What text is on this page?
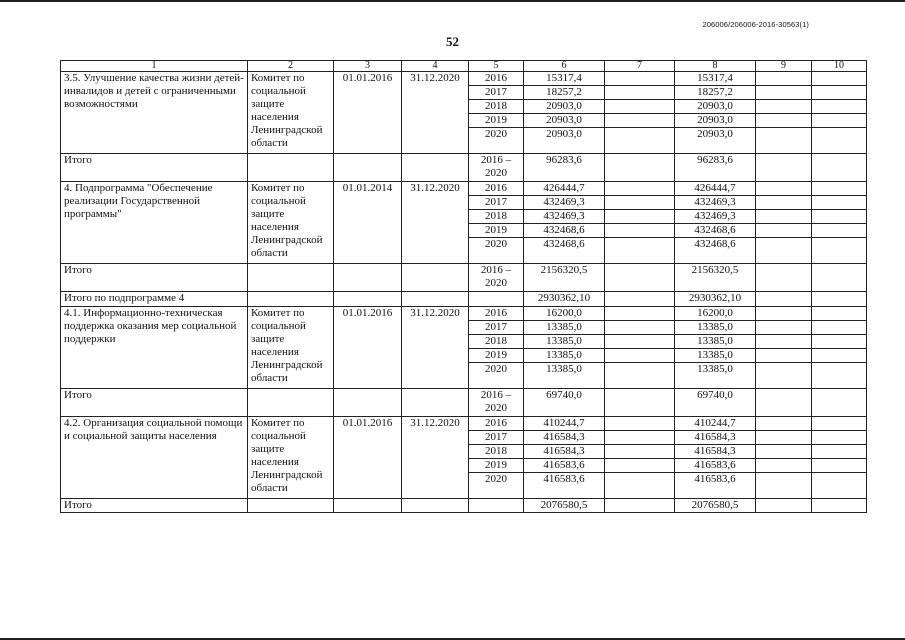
206006/206006-2016-30563(1)
52
1	2	3	4	5	6	7	8	9	10
3.5. Улучшение качества жизни детей-инвалидов и детей с ограниченными возможностями	Комитет по социальной защите населения Ленинградской области	01.01.2016	31.12.2020	2016	15317,4		15317,4		
				2017	18257,2		18257,2		
				2018	20903,0		20903,0		
				2019	20903,0		20903,0		
				2020	20903,0		20903,0		
Итого				2016 – 2020	96283,6		96283,6		
4. Подпрограмма "Обеспечение реализации Государственной программы"	Комитет по социальной защите населения Ленинградской области	01.01.2014	31.12.2020	2016	426444,7		426444,7		
				2017	432469,3		432469,3		
				2018	432469,3		432469,3		
				2019	432468,6		432468,6		
				2020	432468,6		432468,6		
Итого				2016 – 2020	2156320,5		2156320,5		
Итого по подпрограмме 4					2930362,10		2930362,10		
4.1. Информационно-техническая поддержка оказания мер социальной поддержки	Комитет по социальной защите населения Ленинградской области	01.01.2016	31.12.2020	2016	16200,0		16200,0		
				2017	13385,0		13385,0		
				2018	13385,0		13385,0		
				2019	13385,0		13385,0		
				2020	13385,0		13385,0		
Итого				2016 – 2020	69740,0		69740,0		
4.2. Организация социальной помощи и социальной защиты населения	Комитет по социальной защите населения Ленинградской области	01.01.2016	31.12.2020	2016	410244,7		410244,7		
				2017	416584,3		416584,3		
				2018	416584,3		416584,3		
				2019	416583,6		416583,6		
				2020	416583,6		416583,6		
Итого					2076580,5		2076580,5		
